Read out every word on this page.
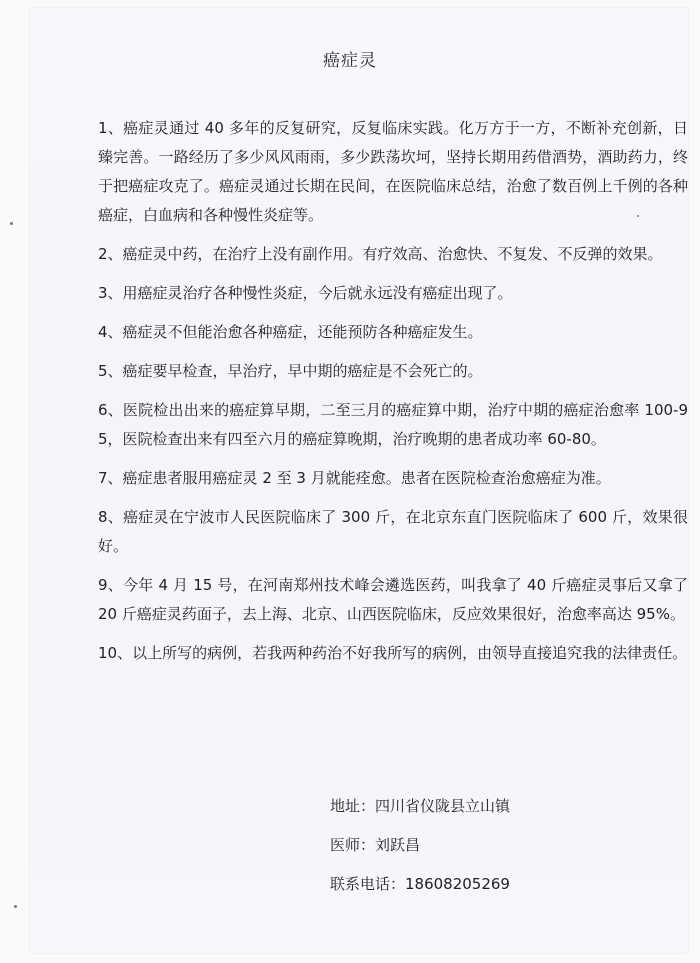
癌症灵

1、癌症灵通过 40 多年的反复研究，反复临床实践。化万方于一方，不断补充创新，日臻完善。一路经历了多少风风雨雨，多少跌荡坎坷，坚持长期用药借酒势，酒助药力，终于把癌症攻克了。癌症灵通过长期在民间，在医院临床总结，治愈了数百例上千例的各种癌症，白血病和各种慢性炎症等。

2、癌症灵中药，在治疗上没有副作用。有疗效高、治愈快、不复发、不反弹的效果。

3、用癌症灵治疗各种慢性炎症，今后就永远没有癌症出现了。

4、癌症灵不但能治愈各种癌症，还能预防各种癌症发生。

5、癌症要早检查，早治疗，早中期的癌症是不会死亡的。

6、医院检出出来的癌症算早期，二至三月的癌症算中期，治疗中期的癌症治愈率 100-95，医院检查出来有四至六月的癌症算晚期，治疗晚期的患者成功率 60-80。

7、癌症患者服用癌症灵 2 至 3 月就能痊愈。患者在医院检查治愈癌症为准。

8、癌症灵在宁波市人民医院临床了 300 斤，在北京东直门医院临床了 600 斤，效果很好。

9、今年 4 月 15 号，在河南郑州技术峰会遴选医药，叫我拿了 40 斤癌症灵事后又拿了 20 斤癌症灵药面子，去上海、北京、山西医院临床，反应效果很好，治愈率高达 95%。

10、以上所写的病例，若我两种药治不好我所写的病例，由领导直接追究我的法律责任。

地址：四川省仪陇县立山镇
医师：刘跃昌
联系电话：18608205269
